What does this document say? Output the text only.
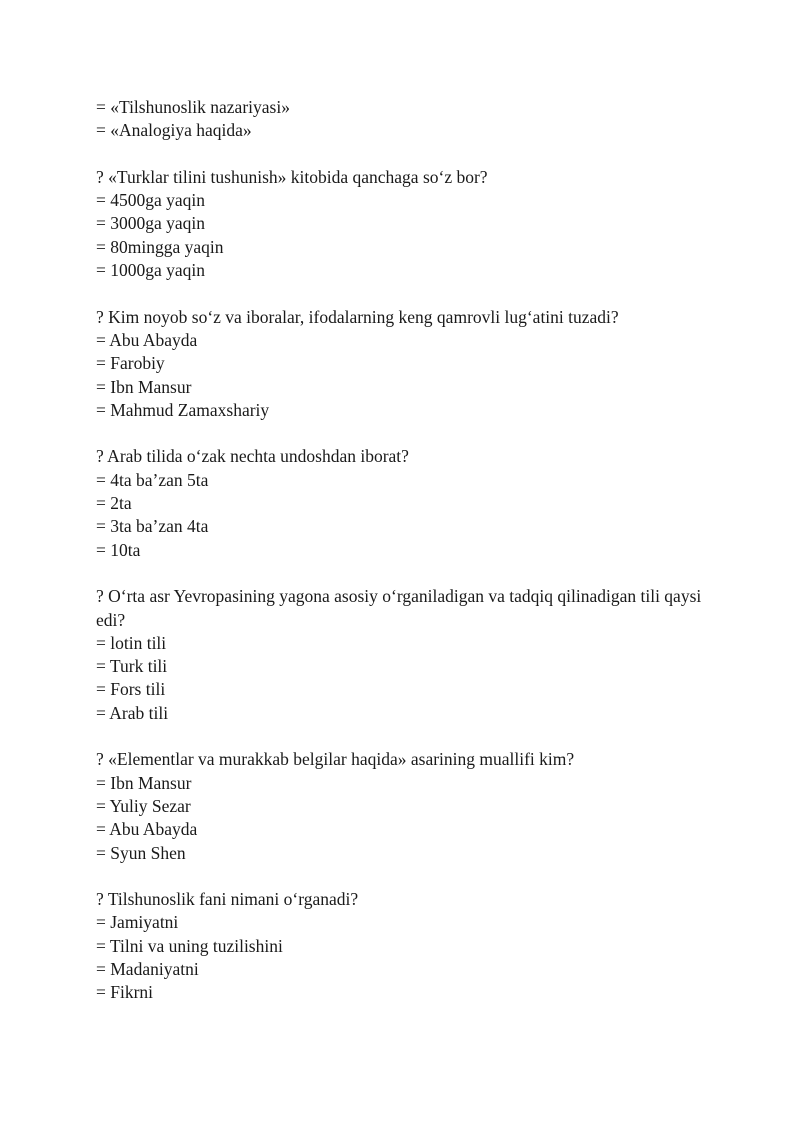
= «Tilshunoslik nazariyasi»
= «Analogiya haqida»
? «Turklar tilini tushunish» kitobida qanchaga so‘z bor?
= 4500ga yaqin
= 3000ga yaqin
= 80mingga yaqin
= 1000ga yaqin
? Kim noyob so‘z va iboralar, ifodalarning keng qamrovli lug‘atini tuzadi?
= Abu Abayda
= Farobiy
= Ibn Mansur
= Mahmud Zamaxshariy
? Arab tilida o‘zak nechta undoshdan iborat?
= 4ta ba’zan 5ta
= 2ta
= 3ta ba’zan 4ta
= 10ta
? O‘rta asr Yevropasining yagona asosiy o‘rganiladigan va tadqiq qilinadigan tili qaysi edi?
= lotin tili
= Turk tili
= Fors tili
= Arab tili
? «Elementlar va murakkab belgilar haqida» asarining muallifi kim?
= Ibn Mansur
= Yuliy Sezar
= Abu Abayda
= Syun Shen
? Tilshunoslik fani nimani o‘rganadi?
= Jamiyatni
= Tilni va uning tuzilishini
= Madaniyatni
= Fikrni
